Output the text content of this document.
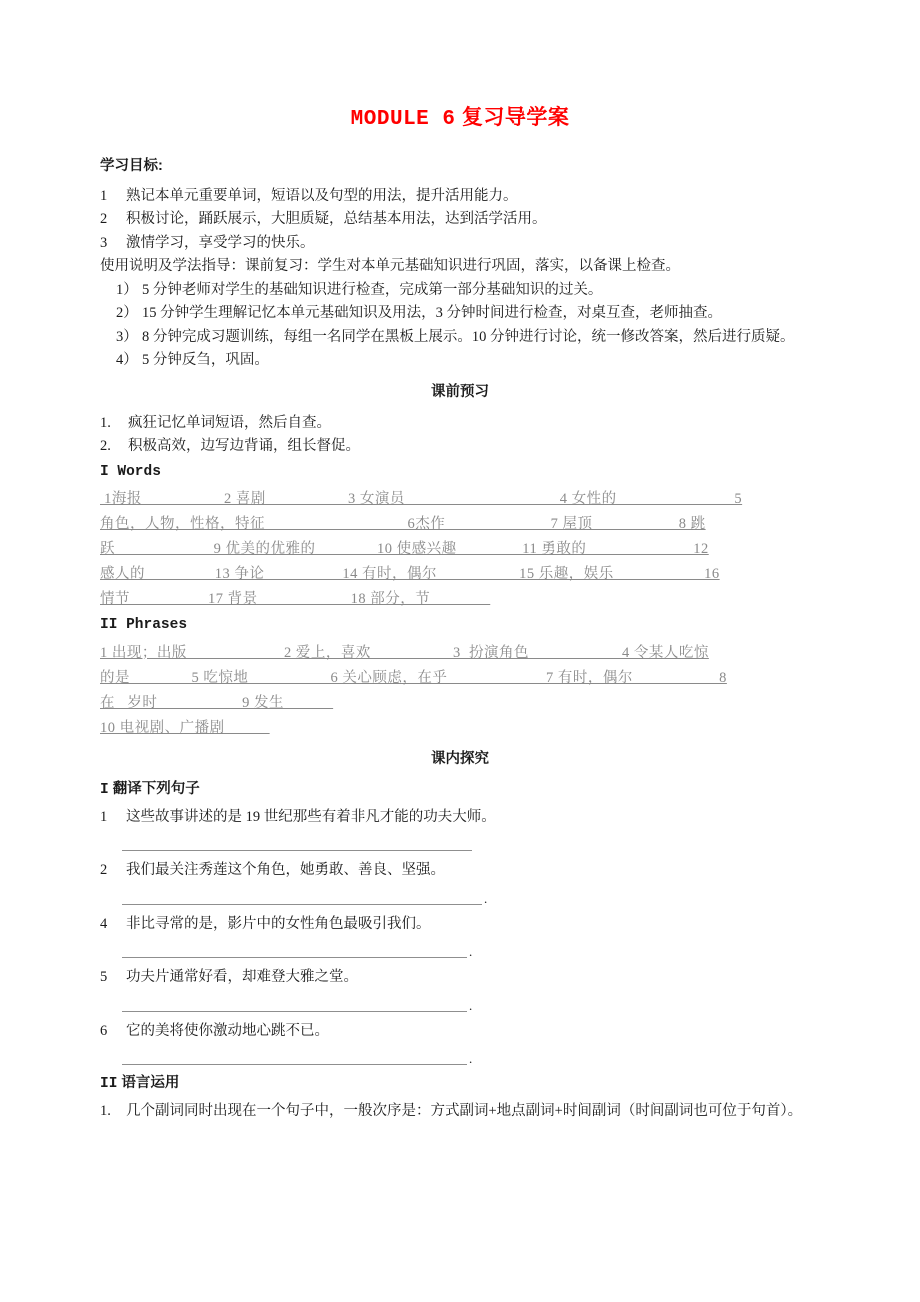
MODULE 6 复习导学案
学习目标:
1	熟记本单元重要单词，短语以及句型的用法，提升活用能力。
2	积极讨论，踊跃展示，大胆质疑，总结基本用法，达到活学活用。
3	激情学习，享受学习的快乐。
使用说明及学法指导：课前复习：学生对本单元基础知识进行巩固，落实，以备课上检查。
1） 5 分钟老师对学生的基础知识进行检查，完成第一部分基础知识的过关。
2） 15 分钟学生理解记忆本单元基础知识及用法，3 分钟时间进行检查，对桌互查，老师抽查。
3） 8 分钟完成习题训练，每组一名同学在黑板上展示。10 分钟进行讨论，统一修改答案，然后进行质疑。
4） 5 分钟反刍，巩固。
课前预习
1.	疯狂记忆单词短语，然后自查。
2.	积极高效，边写边背诵，组长督促。
I Words
1海报 ＿＿＿        2 喜剧 ＿＿＿        3 女演员＿＿＿＿                       4 女性的＿＿＿＿              5
角色，人物，性格，特征＿＿＿＿                    6杰作＿＿＿＿           7 屋顶＿＿＿          8 跳
跃 ＿＿＿            9 优美的优雅的＿＿＿    10 使感兴趣＿＿＿     11 勇敢的 ＿＿＿              12
感人的＿＿＿      13 争论 ＿＿＿       14 有时，偶尔＿＿＿         15 乐趣，娱乐＿＿＿           16
情节＿＿＿        17 背景＿＿＿＿        18 部分，节＿＿＿＿
II Phrases
1 出现；出版＿＿＿＿         2 爱上，喜欢 ＿＿＿        3  扮演角色＿＿＿＿        4 令某人吃惊
的是＿＿＿    5 吃惊地 ＿＿＿        6 关心顾虑，在乎 ＿＿＿            7 有时，偶尔＿＿＿          8
在   岁时＿＿＿＿      9 发生 ＿＿＿
10 电视剧、广播剧＿＿＿
课内探究
I 翻译下列句子
1	这些故事讲述的是 19 世纪那些有着非凡才能的功夫大师。
2	我们最关注秀莲这个角色，她勇敢、善良、坚强。
.
4	非比寻常的是，影片中的女性角色最吸引我们。
.
5	功夫片通常好看，却难登大雅之堂。
.
6	它的美将使你激动地心跳不已。
.
II 语言运用
1.	几个副词同时出现在一个句子中，一般次序是：方式副词+地点副词+时间副词（时间副词也可位于句首）。
